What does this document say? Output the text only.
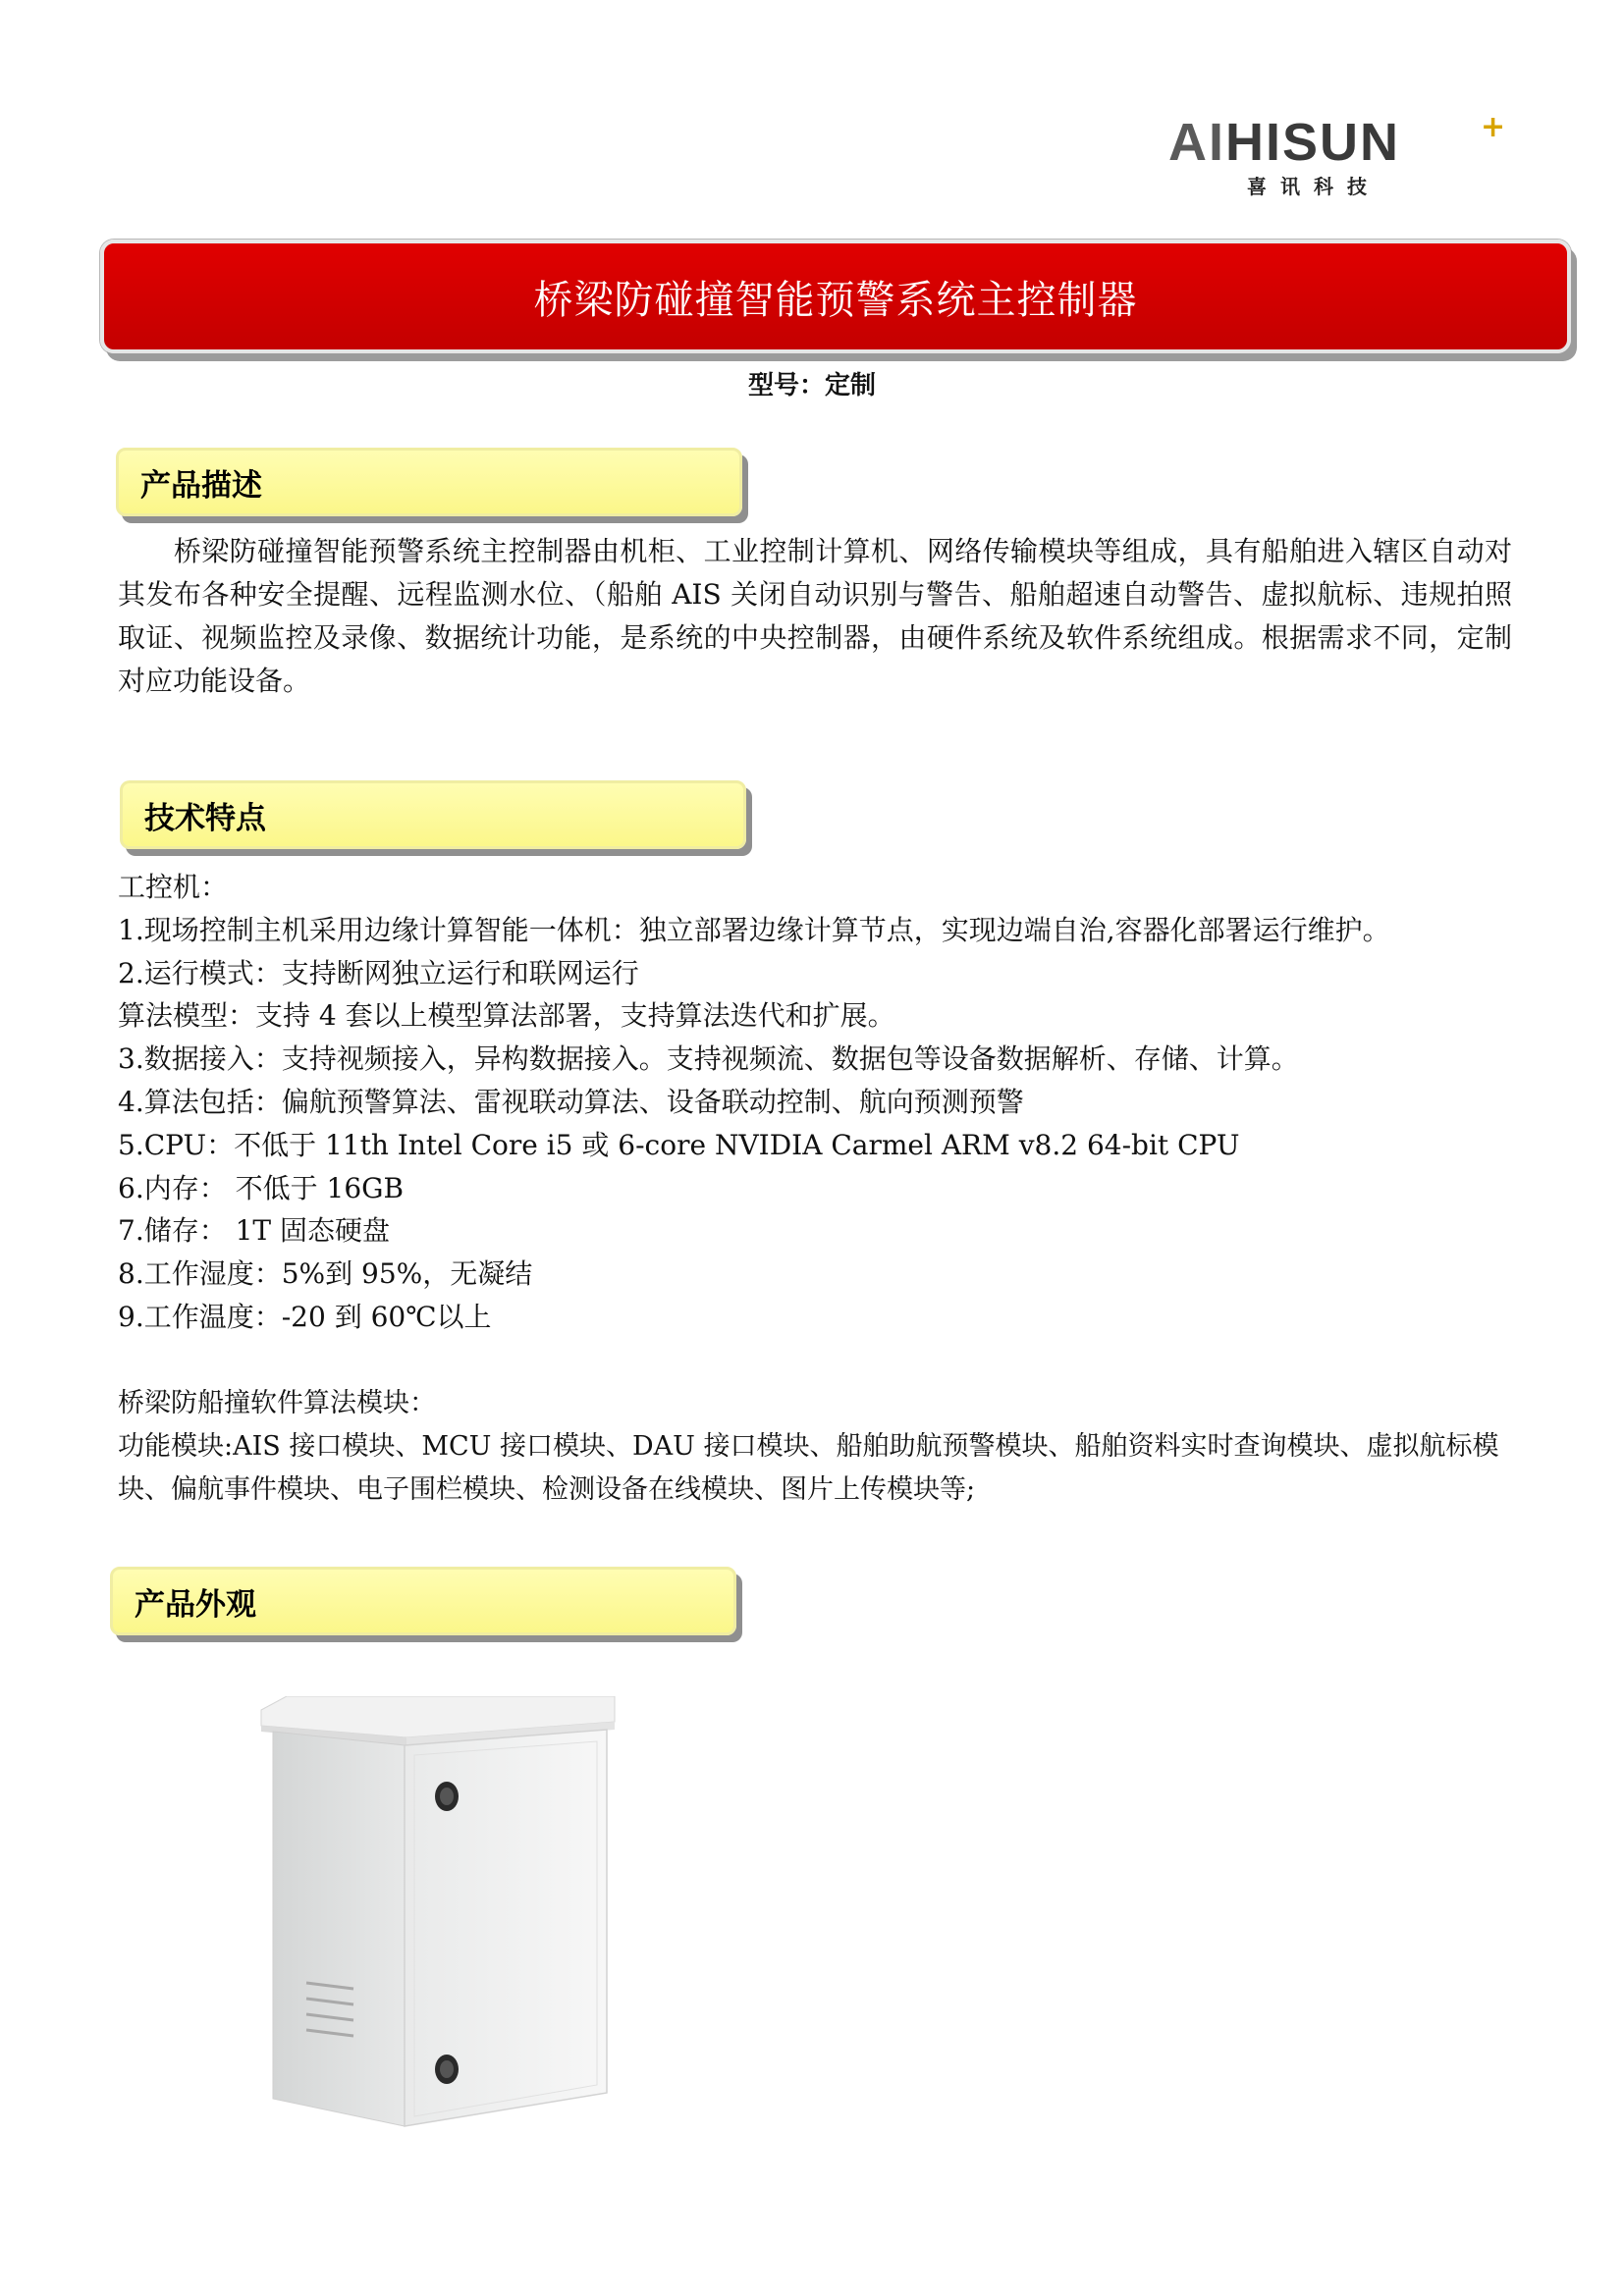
AIHISUN	+
喜讯科技
桥梁防碰撞智能预警系统主控制器
型号：定制
产品描述

　　桥梁防碰撞智能预警系统主控制器由机柜、工业控制计算机、网络传输模块等组成，具有船舶进入辖区自动对其发布各种安全提醒、远程监测水位、（船舶 AIS 关闭自动识别与警告、船舶超速自动警告、虚拟航标、违规拍照取证、视频监控及录像、数据统计功能，是系统的中央控制器，由硬件系统及软件系统组成。根据需求不同，定制对应功能设备。

技术特点
工控机：
1.现场控制主机采用边缘计算智能一体机：独立部署边缘计算节点，实现边端自治,容器化部署运行维护。
2.运行模式：支持断网独立运行和联网运行
算法模型：支持 4 套以上模型算法部署，支持算法迭代和扩展。
3.数据接入：支持视频接入，异构数据接入。支持视频流、数据包等设备数据解析、存储、计算。
4.算法包括：偏航预警算法、雷视联动算法、设备联动控制、航向预测预警
5.CPU：不低于 11th Intel Core i5 或 6-core NVIDIA Carmel ARM v8.2 64-bit CPU
6.内存： 不低于 16GB
7.储存： 1T 固态硬盘
8.工作湿度：5%到 95%，无凝结
9.工作温度：-20 到 60℃以上

桥梁防船撞软件算法模块：

功能模块:AIS 接口模块、MCU 接口模块、DAU 接口模块、船舶助航预警模块、船舶资料实时查询模块、虚拟航标模块、偏航事件模块、电子围栏模块、检测设备在线模块、图片上传模块等;

产品外观
